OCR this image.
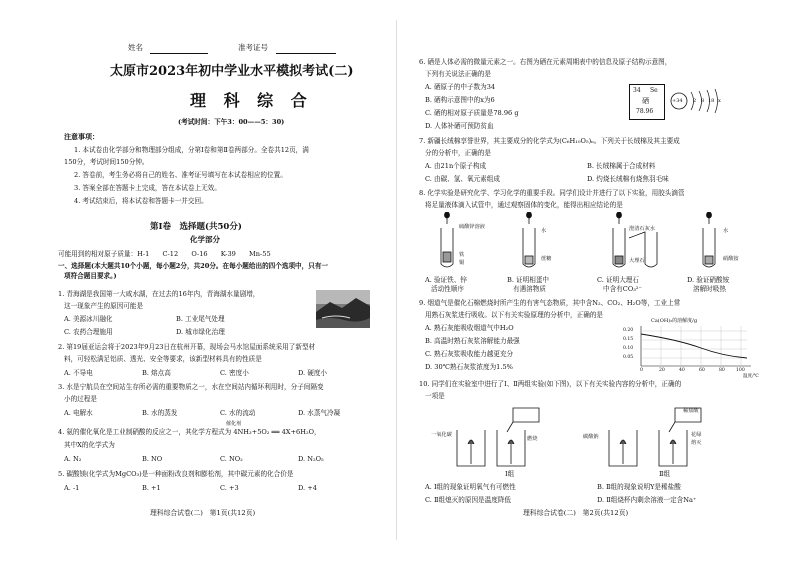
姓名	准考证号
太原市2023年初中学业水平模拟考试(二)
理 科 综 合
(考试时间：下午3：00——5：30)
注意事项：
1. 本试卷由化学部分和物理部分组成，分第Ⅰ卷和第Ⅱ卷两部分。全卷共12页，满
150分，考试时间150分钟。
2. 答卷前，考生务必将自己的姓名、准考证号填写在本试卷相应的位置。
3. 答案全部在答题卡上完成，答在本试卷上无效。
4. 考试结束后，将本试卷和答题卡一并交回。
第Ⅰ卷　选择题(共50分)
化学部分
可能用到的相对原子质量：H-1　　C-12　　O-16　　K-39　　Mn-55
一、选择题(本大题共10个小题，每小题2分，共20分。在每小题给出的四个选项中，只有一
项符合题目要求。)
1. 青海湖是我国第一大咸水湖，在过去的16年内，青海湖水量剧增，
这一现象产生的原因可能是
A. 美源冰川融化	B. 工业尾气处理
C. 农药合理施用	D. 城市绿化治理
2. 第19届亚运会将于2023年9月23日在杭州开幕，现场会马水馆屋面系统采用了新型材
料，可轻松满足铝质、透光、安全等要求，该新型材料具有的性质是
A. 不导电	B. 熔点高	C. 密度小	D. 硬度小
3. 水是宁航员在空间站生存所必需的重要物质之一，水在空间站内循环利用时，分子间隔变
小的过程是
A. 电解水	B. 水的蒸发	C. 水的流动	D. 水蒸气冷凝
4. 氨的催化氧化是工业制硝酸的反应之一，其化学方程式为 4NH₃+5O₂ ══ 4X+6H₂O，
催化剂
其中X的化学式为
A. N₂	B. NO	C. NO₂	D. N₂O₅
5. 碳酸镁(化学式为MgCO₃)是一种面粉改良剂和膨松剂，其中碳元素的化合价是
A. -1	B. +1	C. +3	D. +4
理科综合试卷(二)　第1页(共12页)
6. 硒是人体必需的微量元素之一。右图为硒在元素周期表中的信息及原子结构示意图，
下列有关说法正确的是
A. 硒原子的中子数为34
B. 硒构示意图中的x为6
C. 硒的相对原子质量是78.96 g
D. 人体补硒可预防贫血
34 Se
硒
78.96
+34 2 8 18 x
7. 新疆长绒棉享誉世界，其主要成分的化学式为(C₆H₁₀O₅)ₙ。下列关于长绒棉及其主要成
分的分析中，正确的是
A. 由21n个原子构成	B. 长绒棉属于合成材料
C. 由碳、氢、氧元素组成	D. 灼烧长绒棉有烧焦羽毛味
8. 化学实验是研究化学、学习化学的重要手段。同学们设计并进行了以下实验，用胶头滴管
将足量液体滴入试管中，通过观察固体的变化，能得出相应结论的是
硫酸锌溶液
铁
铜
水
蔗糖
澄清石灰水
大理石
水
硝酸铵
A. 验证铁、锌
活动性顺序
B. 证明相蛋中
有遇溶物质
C. 证明大理石
中含有CO₃²⁻
D. 验证硝酸铵
溶解时吸热
9. 烟道气是催化石棉燃烧时所产生的有害气态物质，其中含N₂、CO₂、H₂O等，工业上常
用熟石灰浆进行吸收。以下有关实验原理的分析中，正确的是
A. 熟石灰能吸收烟道气中H₂O
B. 高温时熟石灰浆溶解能力最强
C. 熟石灰浆吸收能力越更充分
D. 30℃熟石灰浆浓度为1.5%
Ca(OH)₂的溶解度/g
0.20
0.15
0.10
0.05
0	20	40	60	80 100
温度/℃
10. 同学们在实验室中进行了Ⅰ、Ⅱ两组实验(如下图)，以下有关实验内容的分析中，正确的
一项是
一氧化碳
燃烧	碳酸钠
稀盐酸
花绿
熔灭
Ⅰ组	Ⅱ组
A. Ⅰ组的现象证明氧气有可燃性	B. Ⅱ组的现象说明Y是稀盐酸
C. Ⅱ组熄灭的原因是温度降低	D. Ⅱ组烧杯内剩余溶液一定含Na⁺
理科综合试卷(二)　第2页(共12页)
